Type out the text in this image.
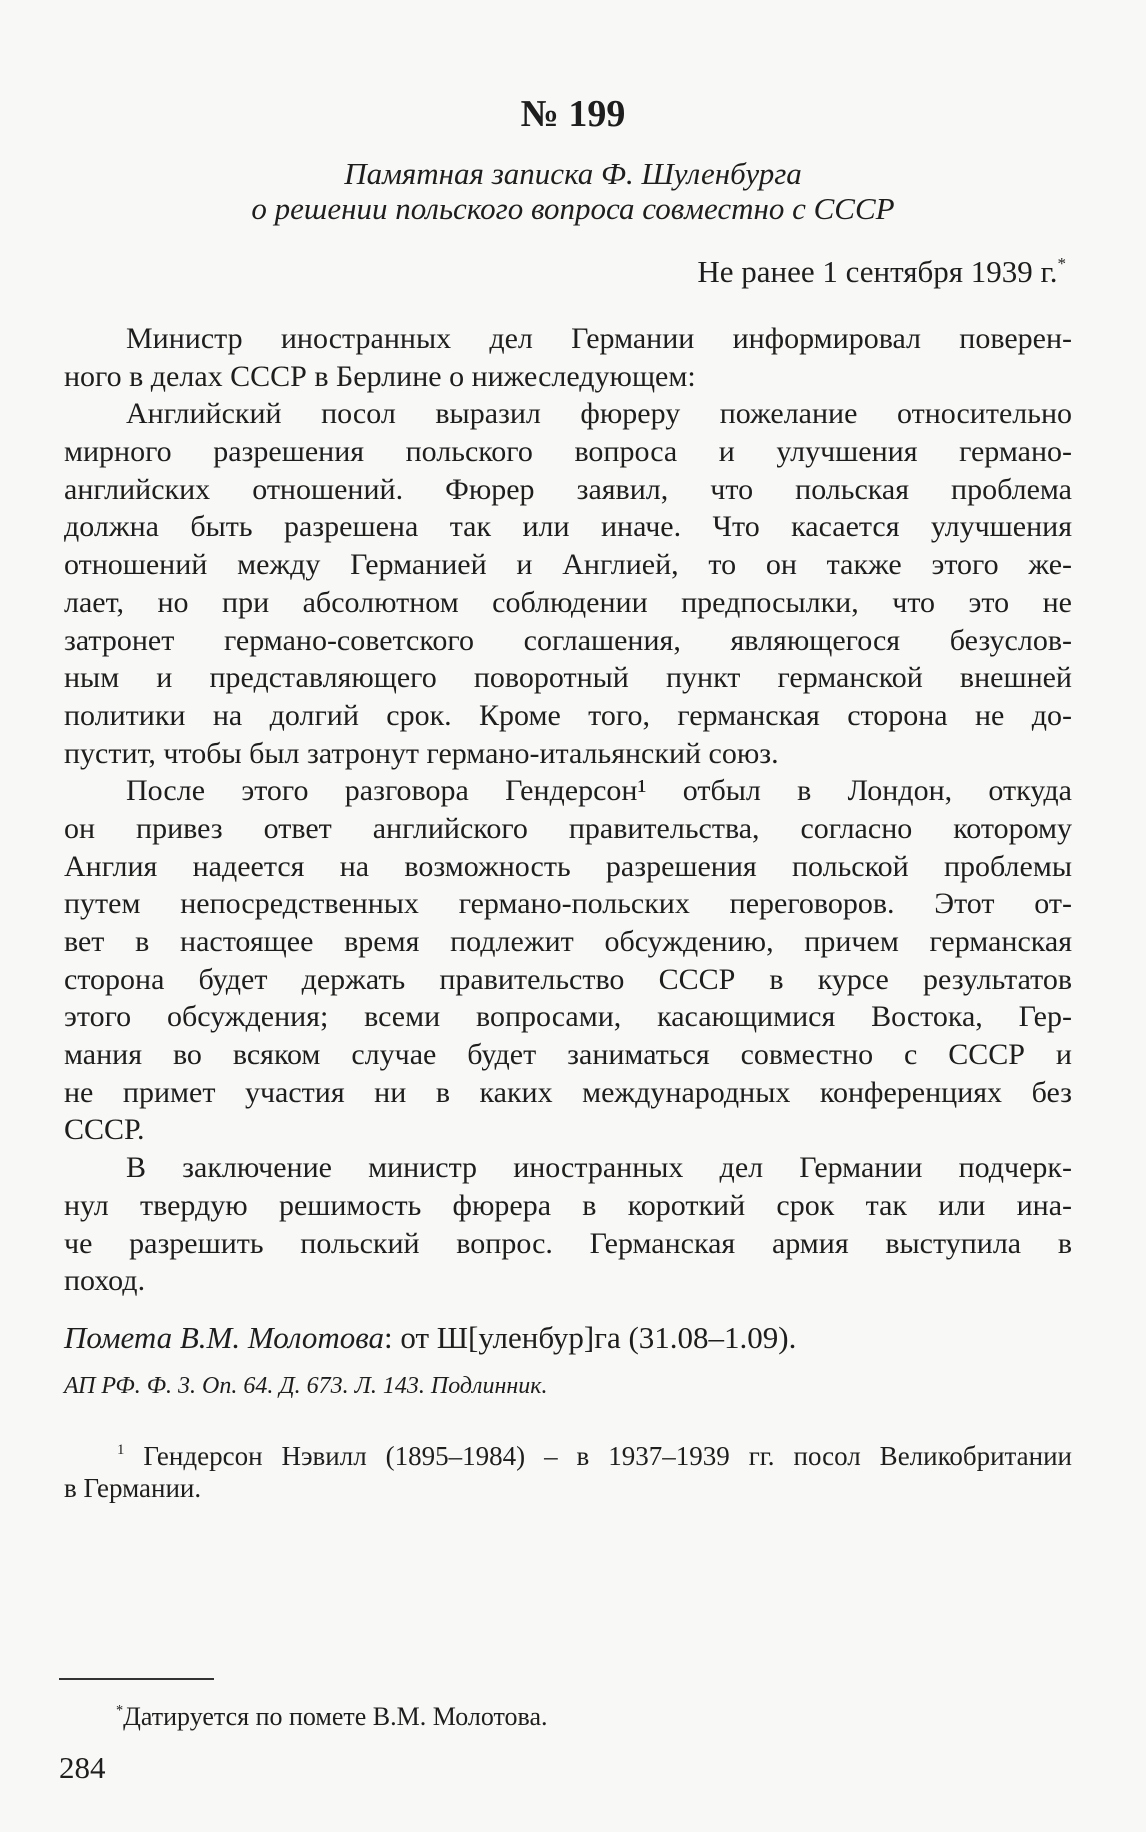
№ 199
Памятная записка Ф. Шуленбурга
о решении польского вопроса совместно с СССР
Не ранее 1 сентября 1939 г.*
Министр иностранных дел Германии информировал поверен-
ного в делах СССР в Берлине о нижеследующем:
Английский посол выразил фюреру пожелание относительно
мирного разрешения польского вопроса и улучшения германо-
английских отношений. Фюрер заявил, что польская проблема
должна быть разрешена так или иначе. Что касается улучшения
отношений между Германией и Англией, то он также этого же-
лает, но при абсолютном соблюдении предпосылки, что это не
затронет германо-советского соглашения, являющегося безуслов-
ным и представляющего поворотный пункт германской внешней
политики на долгий срок. Кроме того, германская сторона не до-
пустит, чтобы был затронут германо-итальянский союз.
После этого разговора Гендерсон¹ отбыл в Лондон, откуда
он привез ответ английского правительства, согласно которому
Англия надеется на возможность разрешения польской проблемы
путем непосредственных германо-польских переговоров. Этот от-
вет в настоящее время подлежит обсуждению, причем германская
сторона будет держать правительство СССР в курсе результатов
этого обсуждения; всеми вопросами, касающимися Востока, Гер-
мания во всяком случае будет заниматься совместно с СССР и
не примет участия ни в каких международных конференциях без
СССР.
В заключение министр иностранных дел Германии подчерк-
нул твердую решимость фюрера в короткий срок так или ина-
че разрешить польский вопрос. Германская армия выступила в
поход.
Помета В.М. Молотова: от Ш[уленбур]га (31.08–1.09).
АП РФ. Ф. 3. Оп. 64. Д. 673. Л. 143. Подлинник.
$^1$ Гендерсон Нэвилл (1895–1984) – в 1937–1939 гг. посол Великобритании
в Германии.
*Датируется по помете В.М. Молотова.
284
